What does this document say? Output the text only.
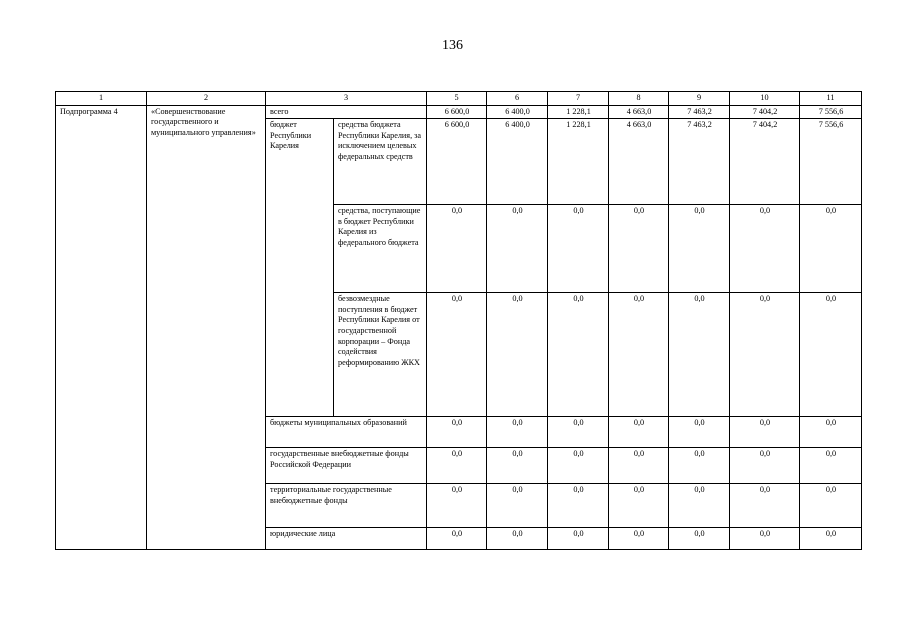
136
1	2	3		5	6	7	8	9	10	11
Подпрограмма 4	«Совершенствование государственного и муниципального управления»	всего		6 600,0	6 400,0	1 228,1	4 663,0	7 463,2	7 404,2	7 556,6
		бюджет Республики Карелия	средства бюджета Республики Карелия, за исключением целевых федеральных средств	6 600,0	6 400,0	1 228,1	4 663,0	7 463,2	7 404,2	7 556,6
			средства, поступающие в бюджет Республики Карелия из федерального бюджета	0,0	0,0	0,0	0,0	0,0	0,0	0,0
			безвозмездные поступления в бюджет Республики Карелия от государственной корпорации – Фонда содействия реформированию ЖКХ	0,0	0,0	0,0	0,0	0,0	0,0	0,0
		бюджеты муниципальных образований		0,0	0,0	0,0	0,0	0,0	0,0	0,0
		государственные внебюджетные фонды Российской Федерации		0,0	0,0	0,0	0,0	0,0	0,0	0,0
		территориальные государственные внебюджетные фонды		0,0	0,0	0,0	0,0	0,0	0,0	0,0
		юридические лица		0,0	0,0	0,0	0,0	0,0	0,0	0,0
